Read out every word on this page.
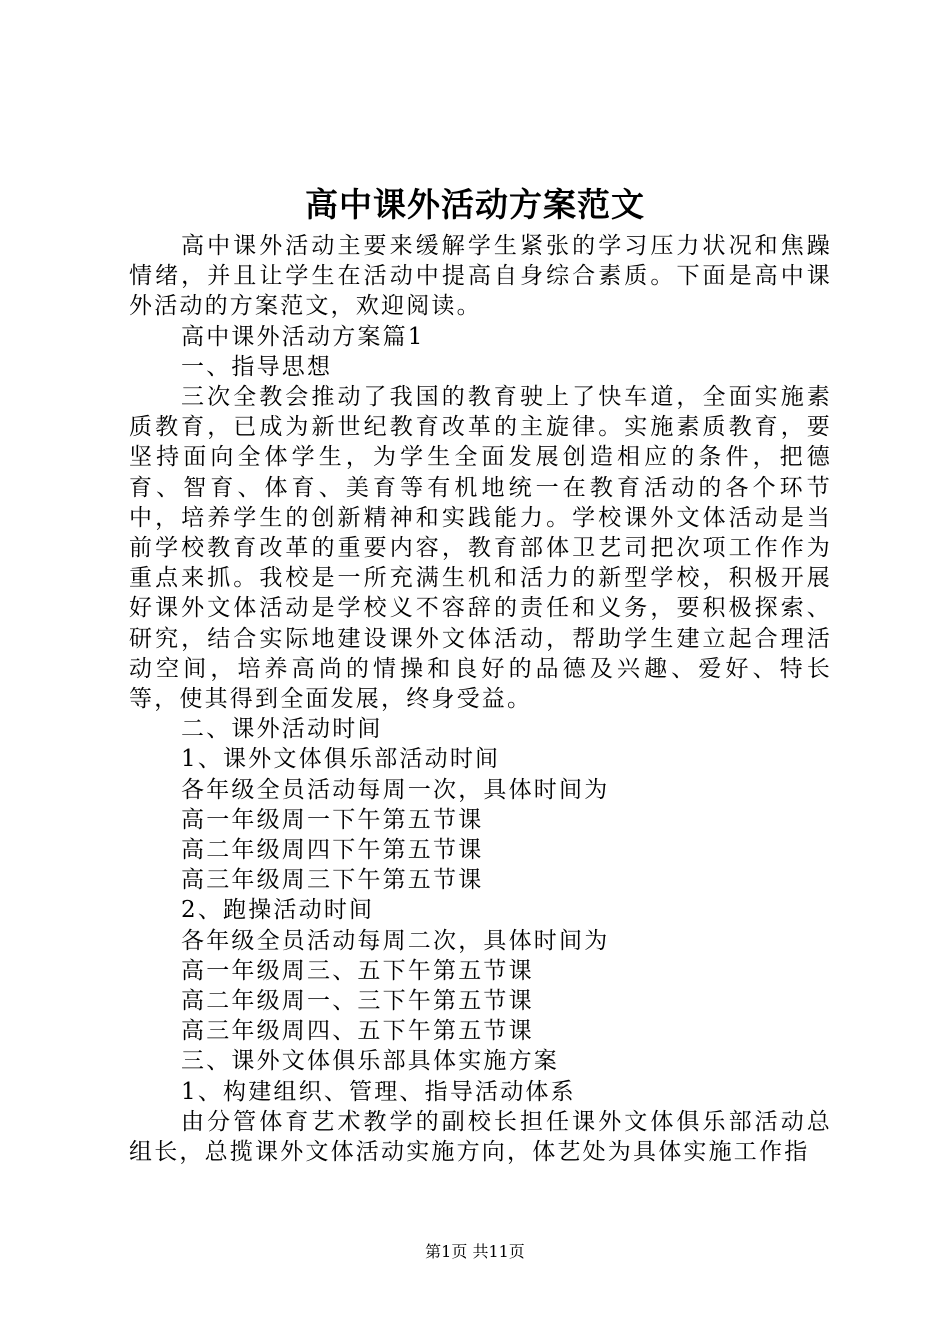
高中课外活动方案范文

高中课外活动主要来缓解学生紧张的学习压力状况和焦躁情绪，并且让学生在活动中提高自身综合素质。下面是高中课外活动的方案范文，欢迎阅读。

高中课外活动方案篇1

一、指导思想

三次全教会推动了我国的教育驶上了快车道，全面实施素质教育，已成为新世纪教育改革的主旋律。实施素质教育，要坚持面向全体学生，为学生全面发展创造相应的条件，把德育、智育、体育、美育等有机地统一在教育活动的各个环节中，培养学生的创新精神和实践能力。学校课外文体活动是当前学校教育改革的重要内容，教育部体卫艺司把次项工作作为重点来抓。我校是一所充满生机和活力的新型学校，积极开展好课外文体活动是学校义不容辞的责任和义务，要积极探索、研究，结合实际地建设课外文体活动，帮助学生建立起合理活动空间，培养高尚的情操和良好的品德及兴趣、爱好、特长等，使其得到全面发展，终身受益。

二、课外活动时间

1、课外文体俱乐部活动时间

各年级全员活动每周一次，具体时间为

高一年级周一下午第五节课

高二年级周四下午第五节课

高三年级周三下午第五节课

2、跑操活动时间

各年级全员活动每周二次，具体时间为

高一年级周三、五下午第五节课

高二年级周一、三下午第五节课

高三年级周四、五下午第五节课

三、课外文体俱乐部具体实施方案

1、构建组织、管理、指导活动体系

由分管体育艺术教学的副校长担任课外文体俱乐部活动总组长，总揽课外文体活动实施方向，体艺处为具体实施工作指

第1页 共11页
